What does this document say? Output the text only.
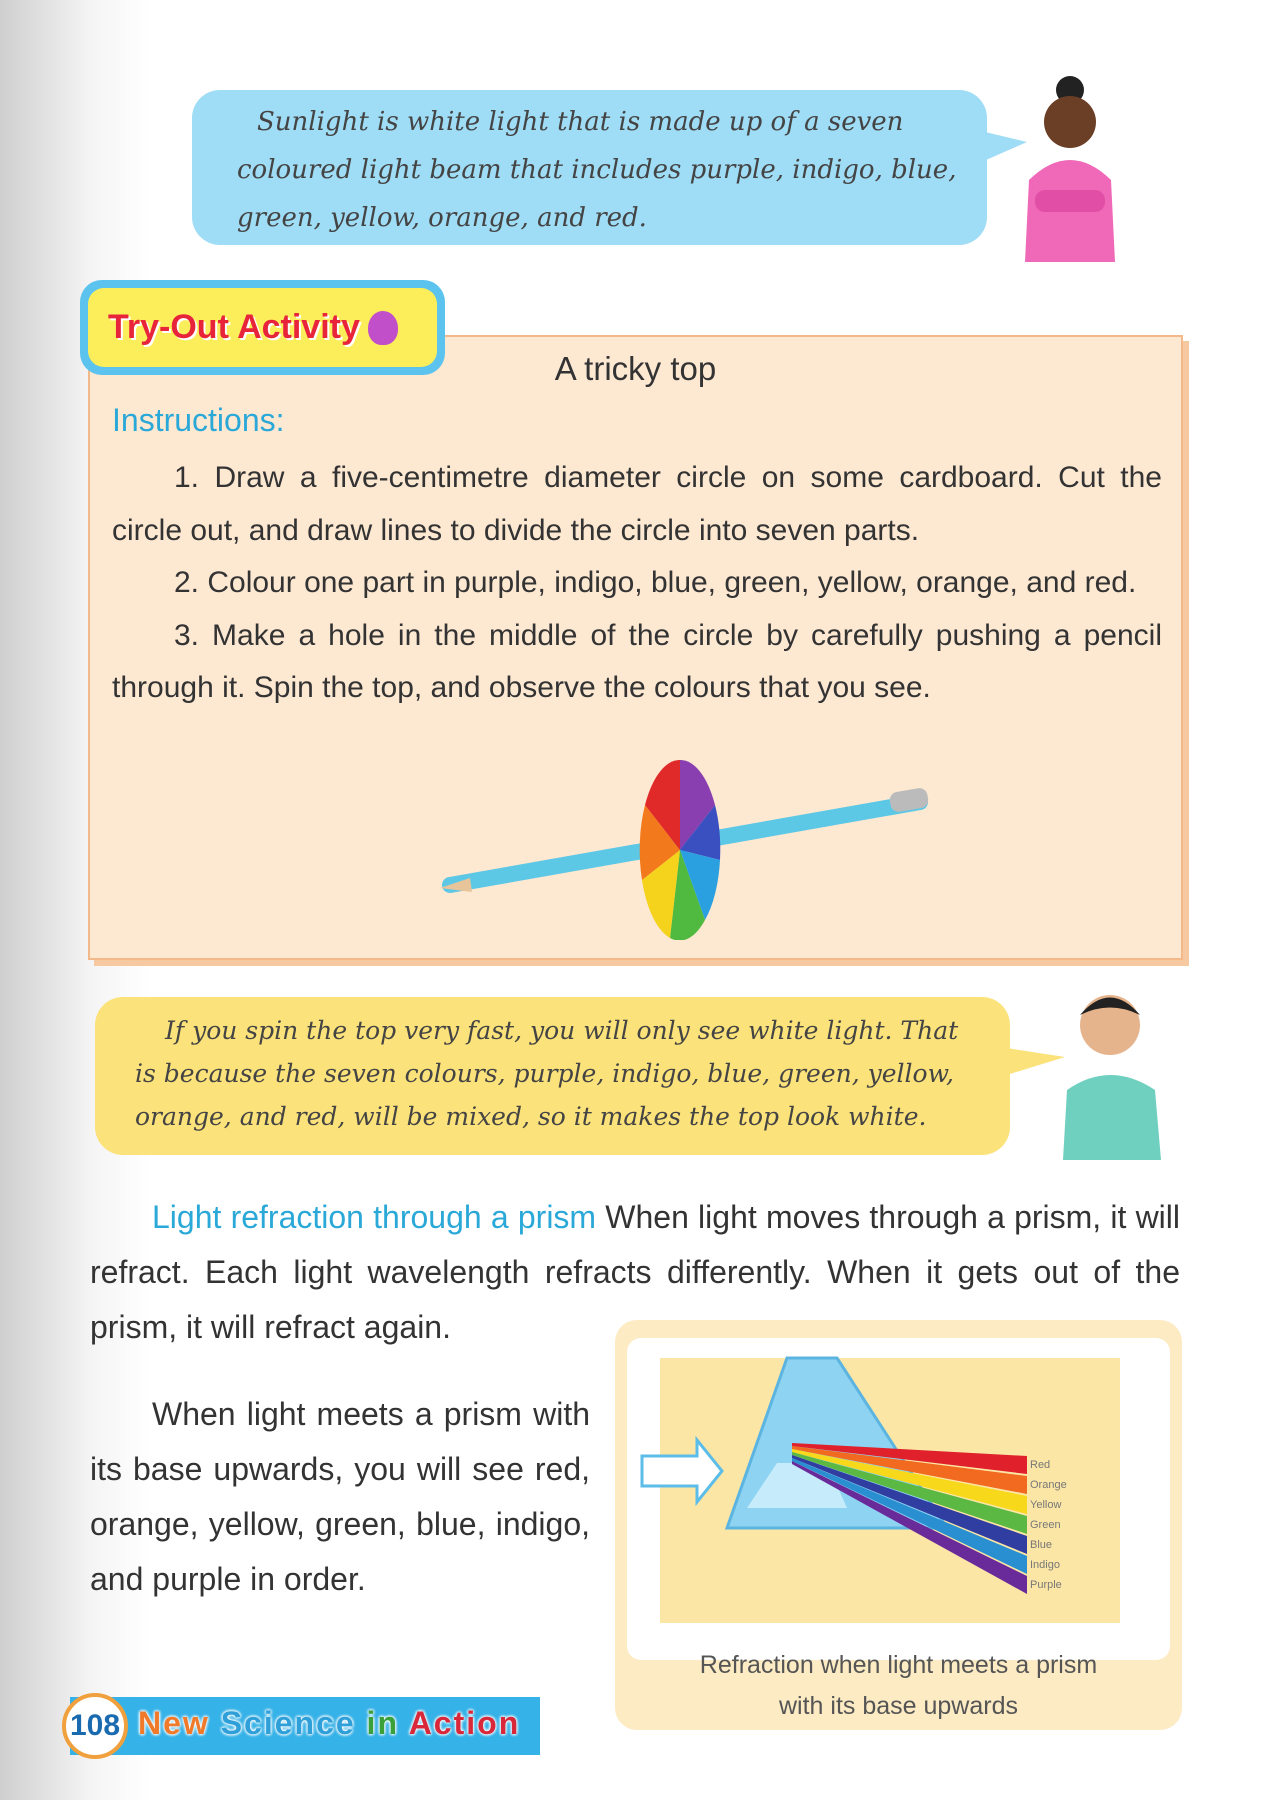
Sunlight is white light that is made up of a seven
coloured light beam that includes purple, indigo, blue,
green, yellow, orange, and red.
Try-Out Activity
A tricky top
Instructions:

1. Draw a five-centimetre diameter circle on some cardboard. Cut the circle out, and draw lines to divide the circle into seven parts.

2. Colour one part in purple, indigo, blue, green, yellow, orange, and red.

3. Make a hole in the middle of the circle by carefully pushing a pencil through it. Spin the top, and observe the colours that you see.

If you spin the top very fast, you will only see white light. That
is because the seven colours, purple, indigo, blue, green, yellow,
orange, and red, will be mixed, so it makes the top look white.
Light refraction through a prism When light moves through a prism, it will refract. Each light wavelength refracts differently. When it gets out of the prism, it will refract again.

When light meets a prism with its base upwards, you will see red, orange, yellow, green, blue, indigo, and purple in order.

Red
Orange
Yellow
Green
Blue
Indigo
Purple
Refraction when light meets a prism
with its base upwards
108 New Science in Action
